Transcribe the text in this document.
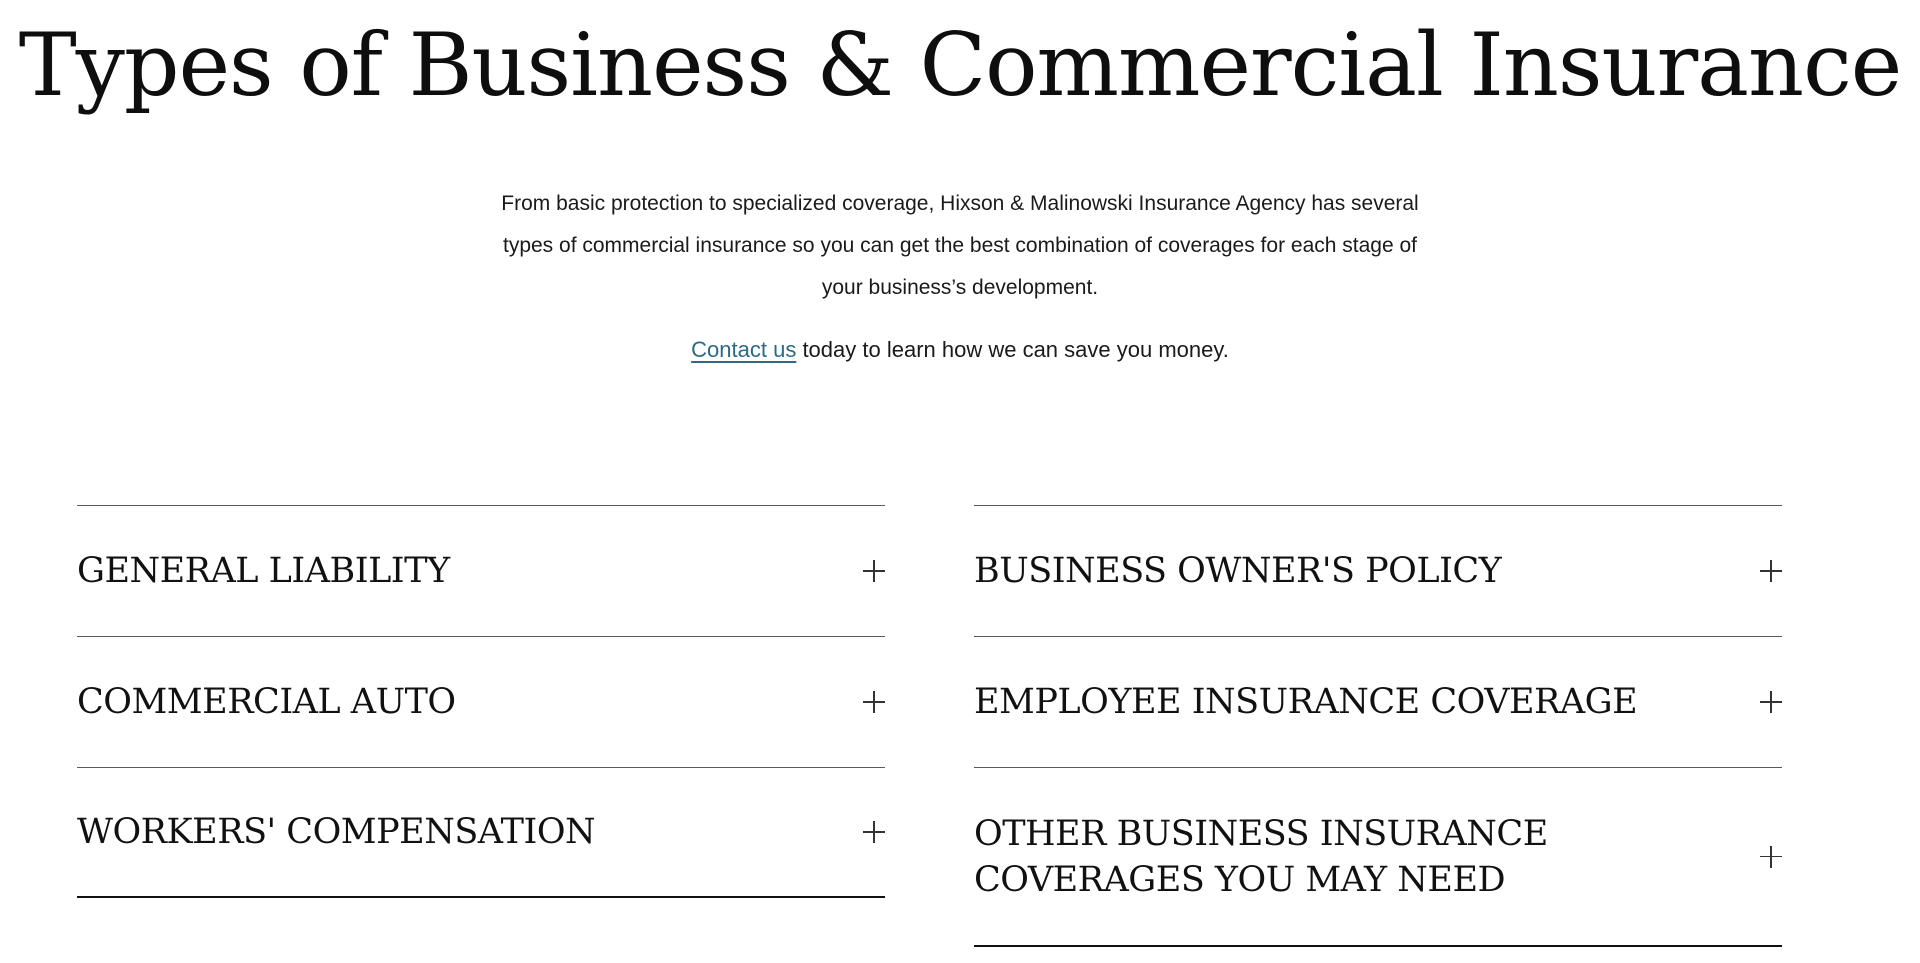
Types of Business & Commercial Insurance

From basic protection to specialized coverage, Hixson & Malinowski Insurance Agency has several types of commercial insurance so you can get the best combination of coverages for each stage of your business’s development.

Contact us today to learn how we can save you money.

GENERAL LIABILITY
COMMERCIAL AUTO
WORKERS' COMPENSATION
BUSINESS OWNER'S POLICY
EMPLOYEE INSURANCE COVERAGE
OTHER BUSINESS INSURANCE COVERAGES YOU MAY NEED
